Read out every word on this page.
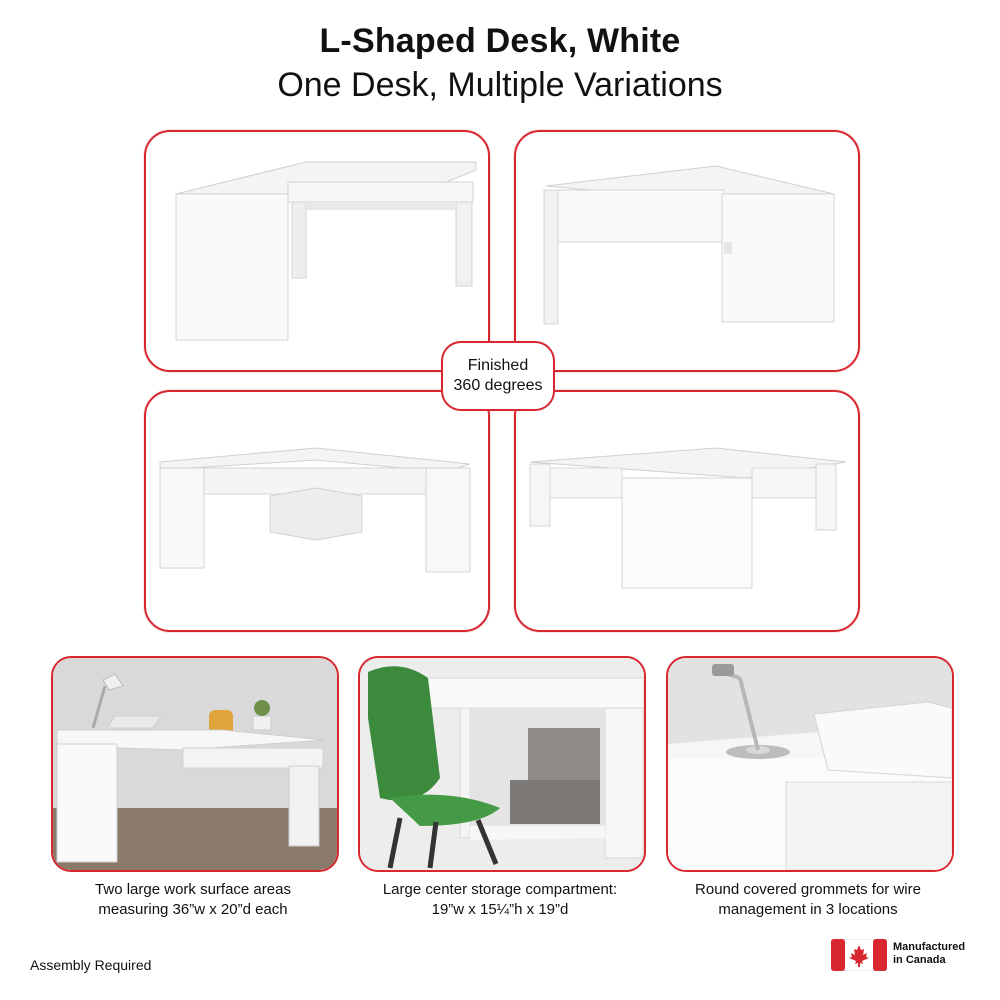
L-Shaped Desk, White
One Desk, Multiple Variations
Finished
360 degrees
Two large work surface areas
measuring 36”w x 20”d each
Large center storage compartment:
19”w x 15¼”h x 19”d
Round covered grommets for wire
management in 3 locations
Assembly Required
Manufactured
in Canada
